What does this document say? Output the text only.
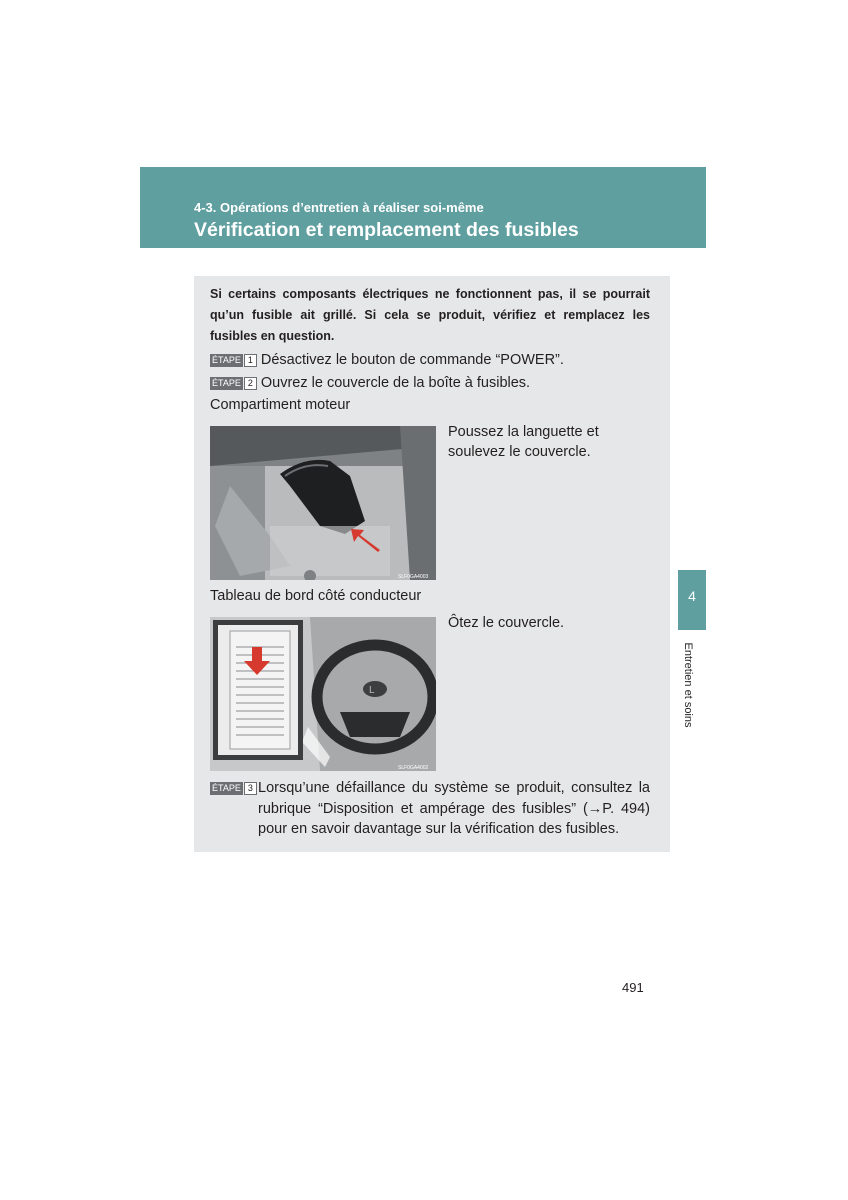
4-3. Opérations d’entretien à réaliser soi-même
Vérification et remplacement des fusibles
Si certains composants électriques ne fonctionnent pas, il se pourrait qu’un fusible ait grillé. Si cela se produit, vérifiez et remplacez les fusibles en question.
ÉTAPE 1 Désactivez le bouton de commande “POWER”.
ÉTAPE 2 Ouvrez le couvercle de la boîte à fusibles.
Compartiment moteur
SLF0GA4003
Poussez la languette et soulevez le couvercle.
Tableau de bord côté conducteur
L
SLF0GA4002
Ôtez le couvercle.
ÉTAPE 3 Lorsqu’une défaillance du système se produit, consultez la rubrique “Disposition et ampérage des fusibles” (→P. 494) pour en savoir davantage sur la vérification des fusibles.
4
Entretien et soins
491
